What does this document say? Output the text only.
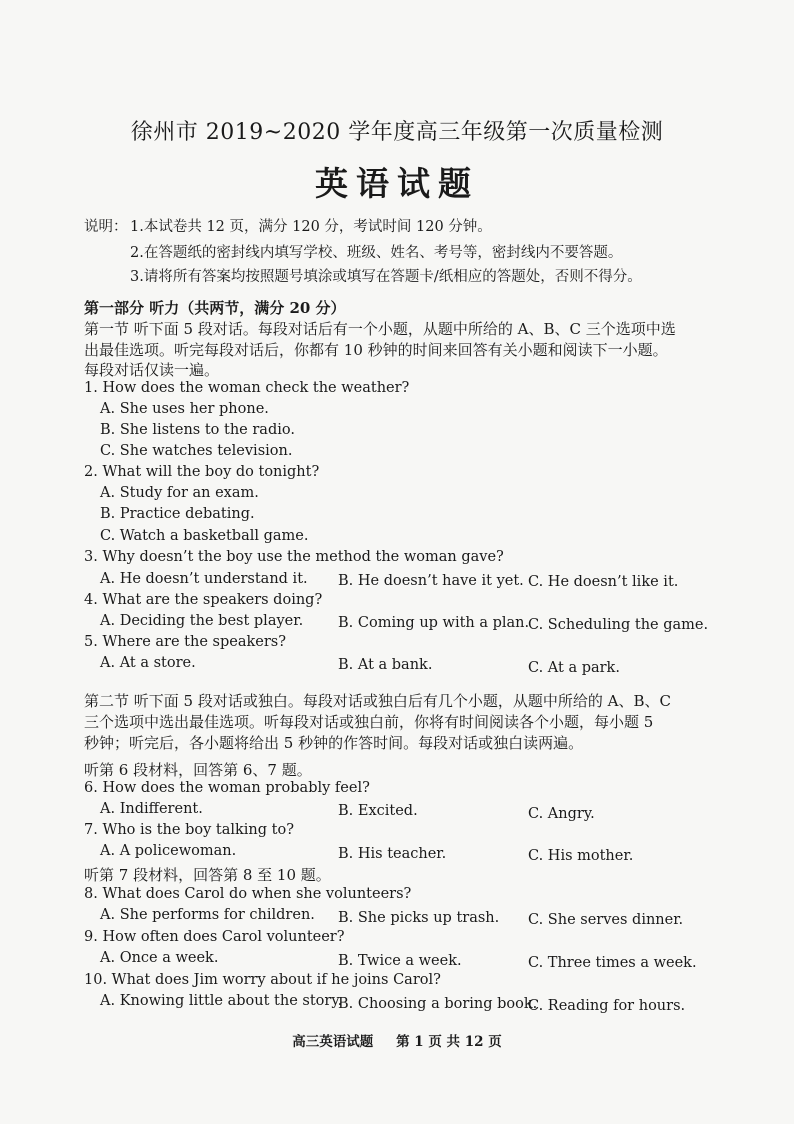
徐州市 2019~2020 学年度高三年级第一次质量检测
英语试题
说明： 1.本试卷共 12 页，满分 120 分，考试时间 120 分钟。
2.在答题纸的密封线内填写学校、班级、姓名、考号等，密封线内不要答题。
3.请将所有答案均按照题号填涂或填写在答题卡/纸相应的答题处，否则不得分。
第一部分 听力（共两节，满分 20 分）
第一节 听下面 5 段对话。每段对话后有一个小题，从题中所给的 A、B、C 三个选项中选
出最佳选项。听完每段对话后，你都有 10 秒钟的时间来回答有关小题和阅读下一小题。
每段对话仅读一遍。
1. How does the woman check the weather?
A. She uses her phone.
B. She listens to the radio.
C. She watches television.
2. What will the boy do tonight?
A. Study for an exam.
B. Practice debating.
C. Watch a basketball game.
3. Why doesn’t the boy use the method the woman gave?
A. He doesn’t understand it. B. He doesn’t have it yet. C. He doesn’t like it.
4. What are the speakers doing?
A. Deciding the best player. B. Coming up with a plan.
C. Scheduling the game.
5. Where are the speakers?
A. At a store.	B. At a bank.	C. At a park.
第二节 听下面 5 段对话或独白。每段对话或独白后有几个小题，从题中所给的 A、B、C
三个选项中选出最佳选项。听每段对话或独白前，你将有时间阅读各个小题，每小题 5
秒钟；听完后，各小题将给出 5 秒钟的作答时间。每段对话或独白读两遍。
听第 6 段材料，回答第 6、7 题。
6. How does the woman probably feel?
A. Indifferent.	B. Excited.	C. Angry.
7. Who is the boy talking to?
A. A policewoman.	B. His teacher.	C. His mother.
听第 7 段材料，回答第 8 至 10 题。
8. What does Carol do when she volunteers?
A. She performs for children. B. She picks up trash. C. She serves dinner.
9. How often does Carol volunteer?
A. Once a week.	B. Twice a week.	C. Three times a week.
10. What does Jim worry about if he joins Carol?
A. Knowing little about the story.
B. Choosing a boring book.
C. Reading for hours.
高三英语试题 第 1 页 共 12 页
